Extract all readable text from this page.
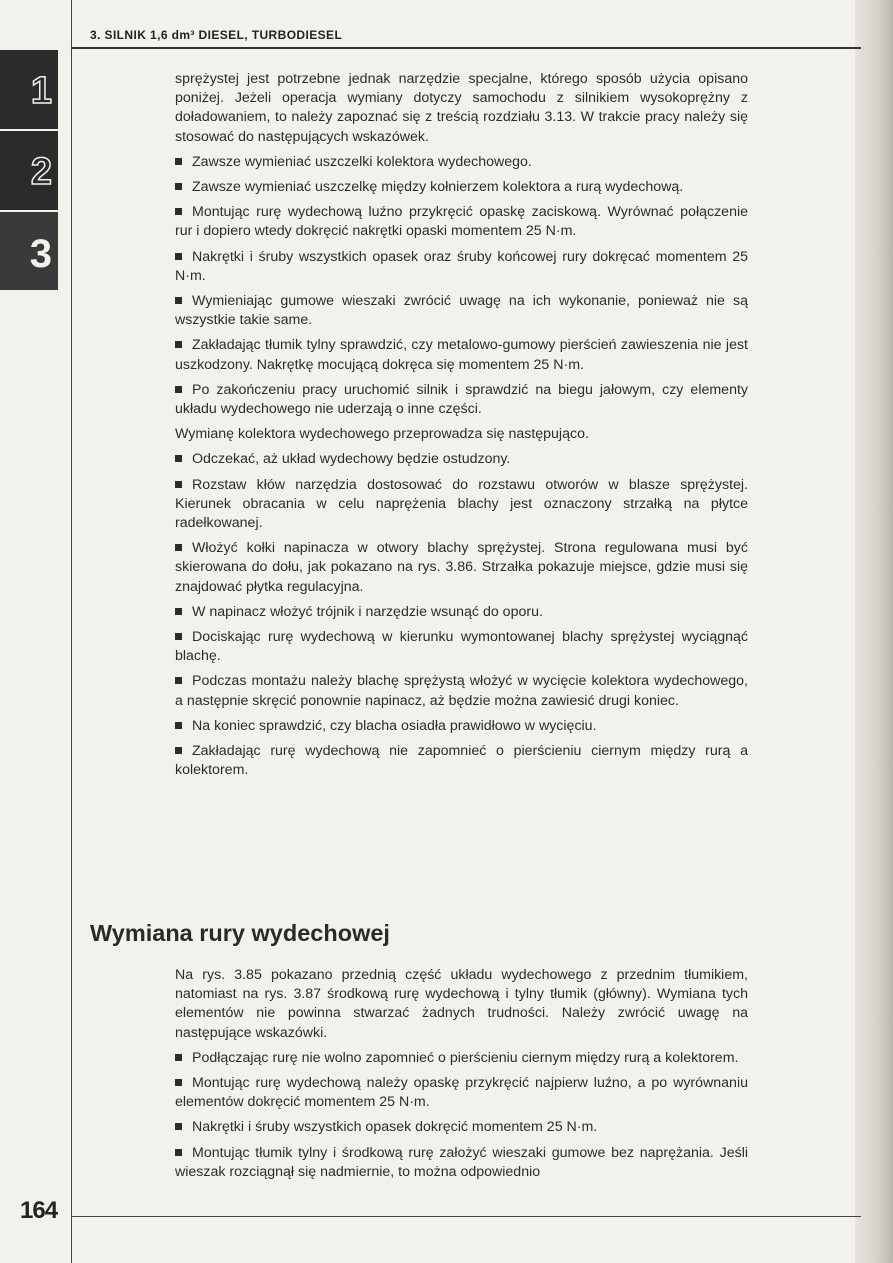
3. SILNIK 1,6 dm³ DIESEL, TURBODIESEL
1
2
3

sprężystej jest potrzebne jednak narzędzie specjalne, którego sposób użycia opisano poniżej. Jeżeli operacja wymiany dotyczy samochodu z silnikiem wysokoprężny z doładowaniem, to należy zapoznać się z treścią rozdziału 3.13. W trakcie pracy należy się stosować do następujących wskazówek.

Zawsze wymieniać uszczelki kolektora wydechowego.

Zawsze wymieniać uszczelkę między kołnierzem kolektora a rurą wydechową.

Montując rurę wydechową luźno przykręcić opaskę zaciskową. Wyrównać połączenie rur i dopiero wtedy dokręcić nakrętki opaski momentem 25 N·m.

Nakrętki i śruby wszystkich opasek oraz śruby końcowej rury dokręcać momentem 25 N·m.

Wymieniając gumowe wieszaki zwrócić uwagę na ich wykonanie, ponieważ nie są wszystkie takie same.

Zakładając tłumik tylny sprawdzić, czy metalowo-gumowy pierścień zawieszenia nie jest uszkodzony. Nakrętkę mocującą dokręca się momentem 25 N·m.

Po zakończeniu pracy uruchomić silnik i sprawdzić na biegu jałowym, czy elementy układu wydechowego nie uderzają o inne części.

Wymianę kolektora wydechowego przeprowadza się następująco.

Odczekać, aż układ wydechowy będzie ostudzony.

Rozstaw kłów narzędzia dostosować do rozstawu otworów w blasze sprężystej. Kierunek obracania w celu naprężenia blachy jest oznaczony strzałką na płytce radełkowanej.

Włożyć kołki napinacza w otwory blachy sprężystej. Strona regulowana musi być skierowana do dołu, jak pokazano na rys. 3.86. Strzałka pokazuje miejsce, gdzie musi się znajdować płytka regulacyjna.

W napinacz włożyć trójnik i narzędzie wsunąć do oporu.

Dociskając rurę wydechową w kierunku wymontowanej blachy sprężystej wyciągnąć blachę.

Podczas montażu należy blachę sprężystą włożyć w wycięcie kolektora wydechowego, a następnie skręcić ponownie napinacz, aż będzie można zawiesić drugi koniec.

Na koniec sprawdzić, czy blacha osiadła prawidłowo w wycięciu.

Zakładając rurę wydechową nie zapomnieć o pierścieniu ciernym między rurą a kolektorem.

Wymiana rury wydechowej

Na rys. 3.85 pokazano przednią część układu wydechowego z przednim tłumikiem, natomiast na rys. 3.87 środkową rurę wydechową i tylny tłumik (główny). Wymiana tych elementów nie powinna stwarzać żadnych trudności. Należy zwrócić uwagę na następujące wskazówki.

Podłączając rurę nie wolno zapomnieć o pierścieniu ciernym między rurą a kolektorem.

Montując rurę wydechową należy opaskę przykręcić najpierw luźno, a po wyrównaniu elementów dokręcić momentem 25 N·m.

Nakrętki i śruby wszystkich opasek dokręcić momentem 25 N·m.

Montując tłumik tylny i środkową rurę założyć wieszaki gumowe bez naprężania. Jeśli wieszak rozciągnął się nadmiernie, to można odpowiednio

164
